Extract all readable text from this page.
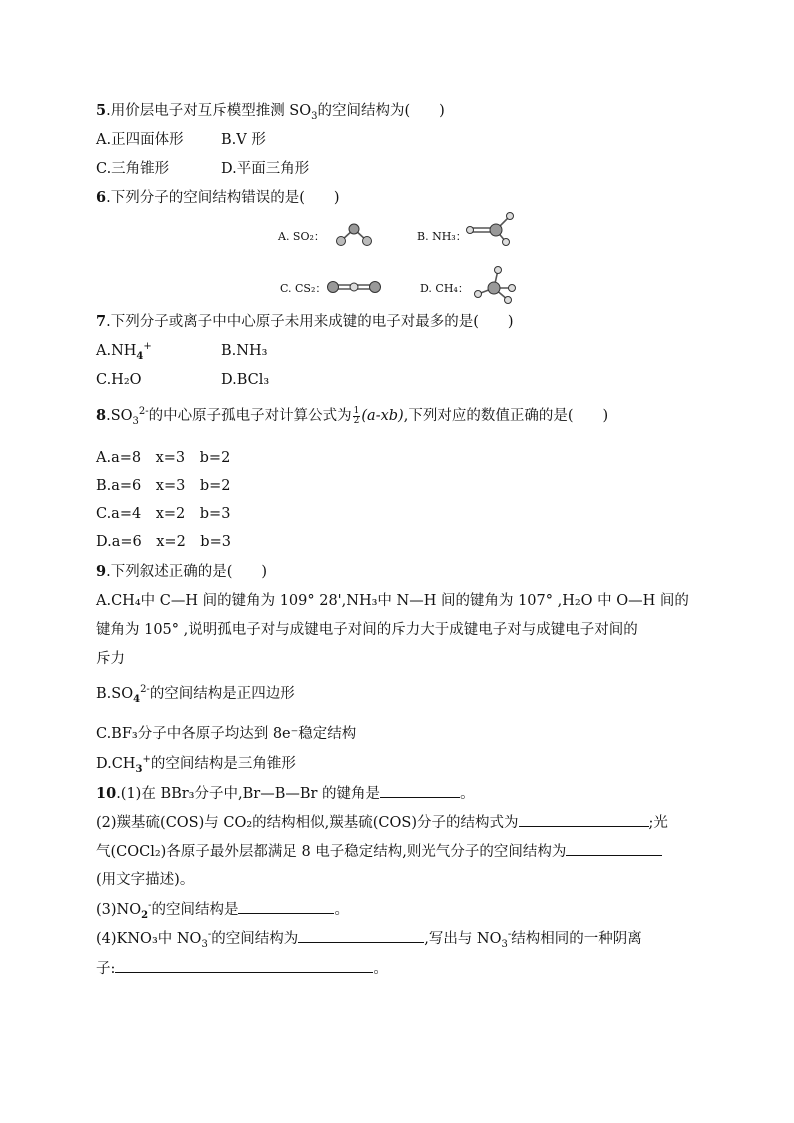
5.用价层电子对互斥模型推测 $SO_3$的空间结构为(　　)
A.正四面体形	B.V 形
C.三角锥形	D.平面三角形
6.下列分子的空间结构错误的是(　　)
A. SO₂：	B. NH₃：
C. CS₂：	D. CH₄：
7.下列分子或离子中中心原子未用来成键的电子对最多的是(　　)
$A.NH_4^+$	B.NH₃
C.H₂O	D.BCl₃
$8.SO_3^{2-}$的中心原子孤电子对计算公式为 $\frac{1}{2} (a-xb)$,下列对应的数值正确的是(　　)
A.a=8　x=3　b=2
B.a=6　x=3　b=2
C.a=4　x=2　b=3
D.a=6　x=2　b=3
9.下列叙述正确的是(　　)
A.CH₄中 C—H 间的键角为 109° 28',NH₃中 N—H 间的键角为 107° ,H₂O 中 O—H 间的
键角为 105° ,说明孤电子对与成键电子对间的斥力大于成键电子对与成键电子对间的
斥力
$B.SO_4^{2-}$的空间结构是正四边形
C.BF₃分子中各原子均达到 8e⁻稳定结构
$D.CH_3^+$的空间结构是三角锥形
10.(1)在 BBr₃分子中,Br—B—Br 的键角是	。
(2)羰基硫(COS)与 CO₂的结构相似,羰基硫(COS)分子的结构式为	;光
气(COCl₂)各原子最外层都满足 8 电子稳定结构,则光气分子的空间结构为
(用文字描述)。
$(3)NO_2^-$的空间结构是	。
(4)KNO₃中 $NO_3^-$的空间结构为	,写出与 $NO_3^-$结构相同的一种阴离
子:	。
